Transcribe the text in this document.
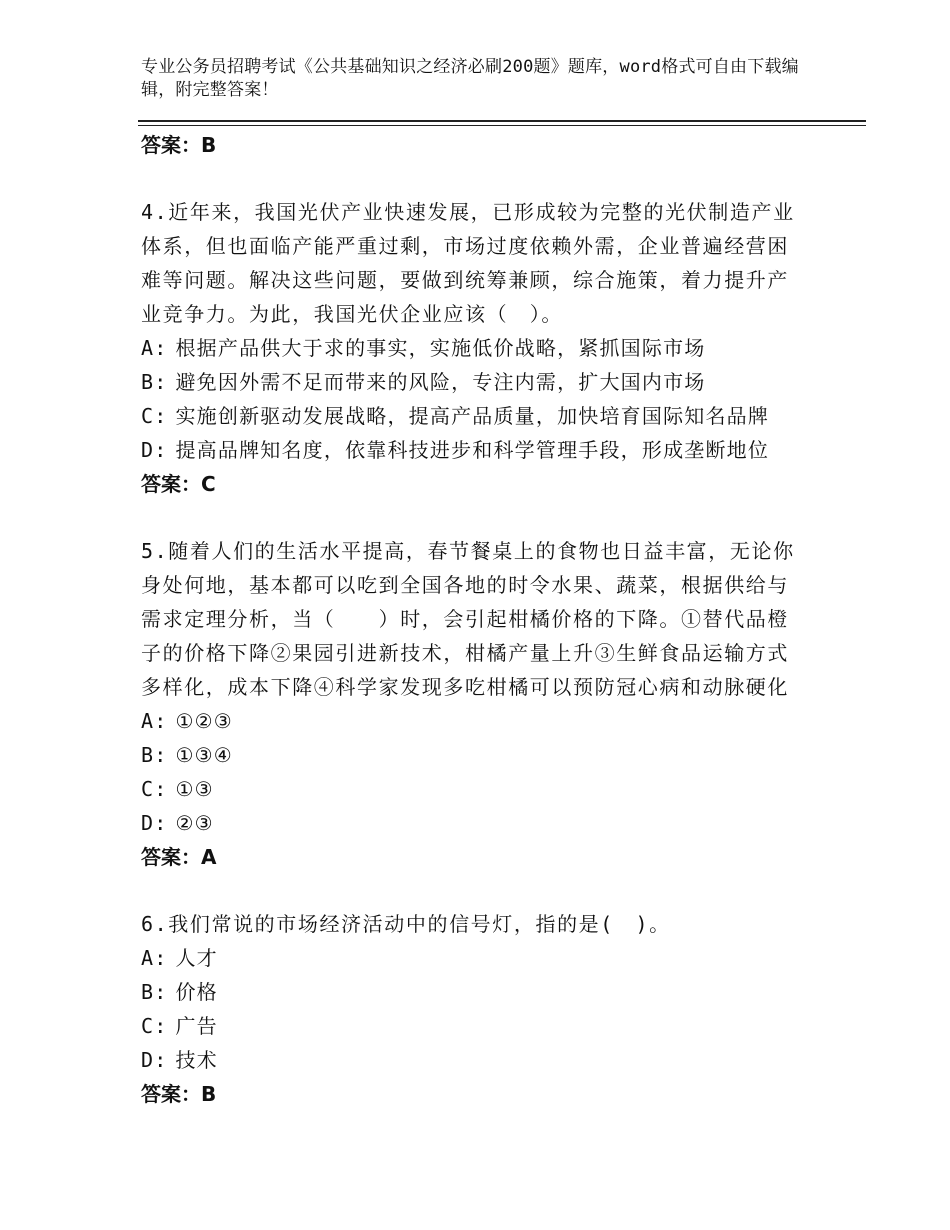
专业公务员招聘考试《公共基础知识之经济必刷200题》题库，word格式可自由下载编辑，附完整答案！
答案：B
4.近年来，我国光伏产业快速发展，已形成较为完整的光伏制造产业体系，但也面临产能严重过剩，市场过度依赖外需，企业普遍经营困难等问题。解决这些问题，要做到统筹兼顾，综合施策，着力提升产业竞争力。为此，我国光伏企业应该（　）。
A: 根据产品供大于求的事实，实施低价战略，紧抓国际市场
B: 避免因外需不足而带来的风险，专注内需，扩大国内市场
C: 实施创新驱动发展战略，提高产品质量，加快培育国际知名品牌
D: 提高品牌知名度，依靠科技进步和科学管理手段，形成垄断地位
答案：C
5.随着人们的生活水平提高，春节餐桌上的食物也日益丰富，无论你身处何地，基本都可以吃到全国各地的时令水果、蔬菜，根据供给与需求定理分析，当（　　）时，会引起柑橘价格的下降。①替代品橙子的价格下降②果园引进新技术，柑橘产量上升③生鲜食品运输方式多样化，成本下降④科学家发现多吃柑橘可以预防冠心病和动脉硬化
A: ①②③
B: ①③④
C: ①③
D: ②③
答案：A
6.我们常说的市场经济活动中的信号灯，指的是(　)。
A: 人才
B: 价格
C: 广告
D: 技术
答案：B
